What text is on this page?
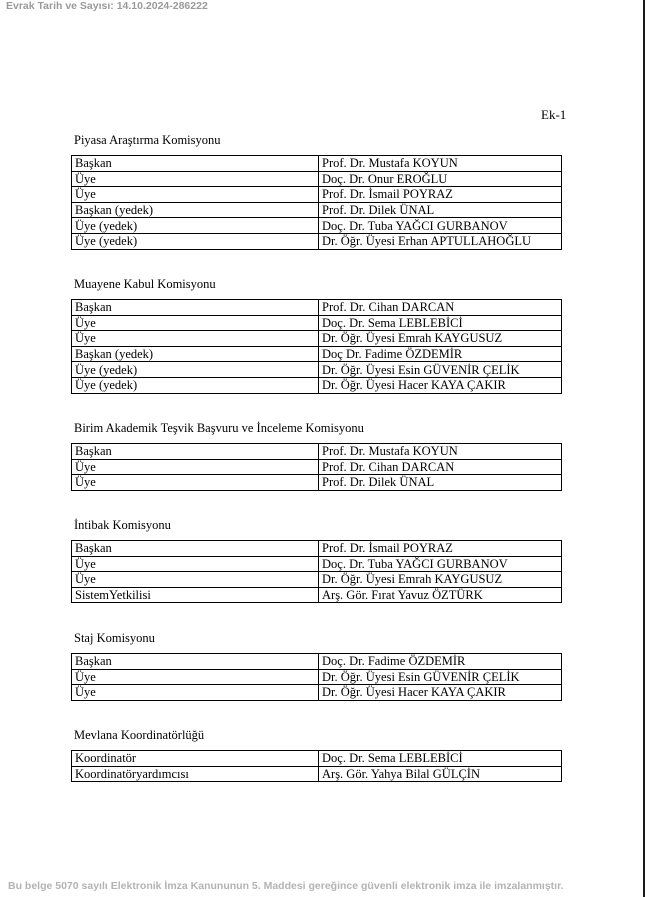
Evrak Tarih ve Sayısı: 14.10.2024-286222
Ek-1
Piyasa Araştırma Komisyonu
Başkan	Prof. Dr. Mustafa KOYUN
Üye	Doç. Dr. Onur EROĞLU
Üye	Prof. Dr. İsmail POYRAZ
Başkan (yedek)	Prof. Dr. Dilek ÜNAL
Üye (yedek)	Doç. Dr. Tuba YAĞCI GURBANOV
Üye (yedek)	Dr. Öğr. Üyesi Erhan APTULLAHOĞLU
Muayene Kabul Komisyonu
Başkan	Prof. Dr. Cihan DARCAN
Üye	Doç. Dr. Sema LEBLEBİCİ
Üye	Dr. Öğr. Üyesi Emrah KAYGUSUZ
Başkan (yedek)	Doç Dr. Fadime ÖZDEMİR
Üye (yedek)	Dr. Öğr. Üyesi Esin GÜVENİR ÇELİK
Üye (yedek)	Dr. Öğr. Üyesi Hacer KAYA ÇAKIR
Birim Akademik Teşvik Başvuru ve İnceleme Komisyonu
Başkan	Prof. Dr. Mustafa KOYUN
Üye	Prof. Dr. Cihan DARCAN
Üye	Prof. Dr. Dilek ÜNAL
İntibak Komisyonu
Başkan	Prof. Dr. İsmail POYRAZ
Üye	Doç. Dr. Tuba YAĞCI GURBANOV
Üye	Dr. Öğr. Üyesi Emrah KAYGUSUZ
SistemYetkilisi	Arş. Gör. Fırat Yavuz ÖZTÜRK
Staj Komisyonu
Başkan	Doç. Dr. Fadime ÖZDEMİR
Üye	Dr. Öğr. Üyesi Esin GÜVENİR ÇELİK
Üye	Dr. Öğr. Üyesi Hacer KAYA ÇAKIR
Mevlana Koordinatörlüğü
Koordinatör	Doç. Dr. Sema LEBLEBİCİ
Koordinatöryardımcısı	Arş. Gör. Yahya Bilal GÜLÇİN
Bu belge 5070 sayılı Elektronik İmza Kanununun 5. Maddesi gereğince güvenli elektronik imza ile imzalanmıştır.
